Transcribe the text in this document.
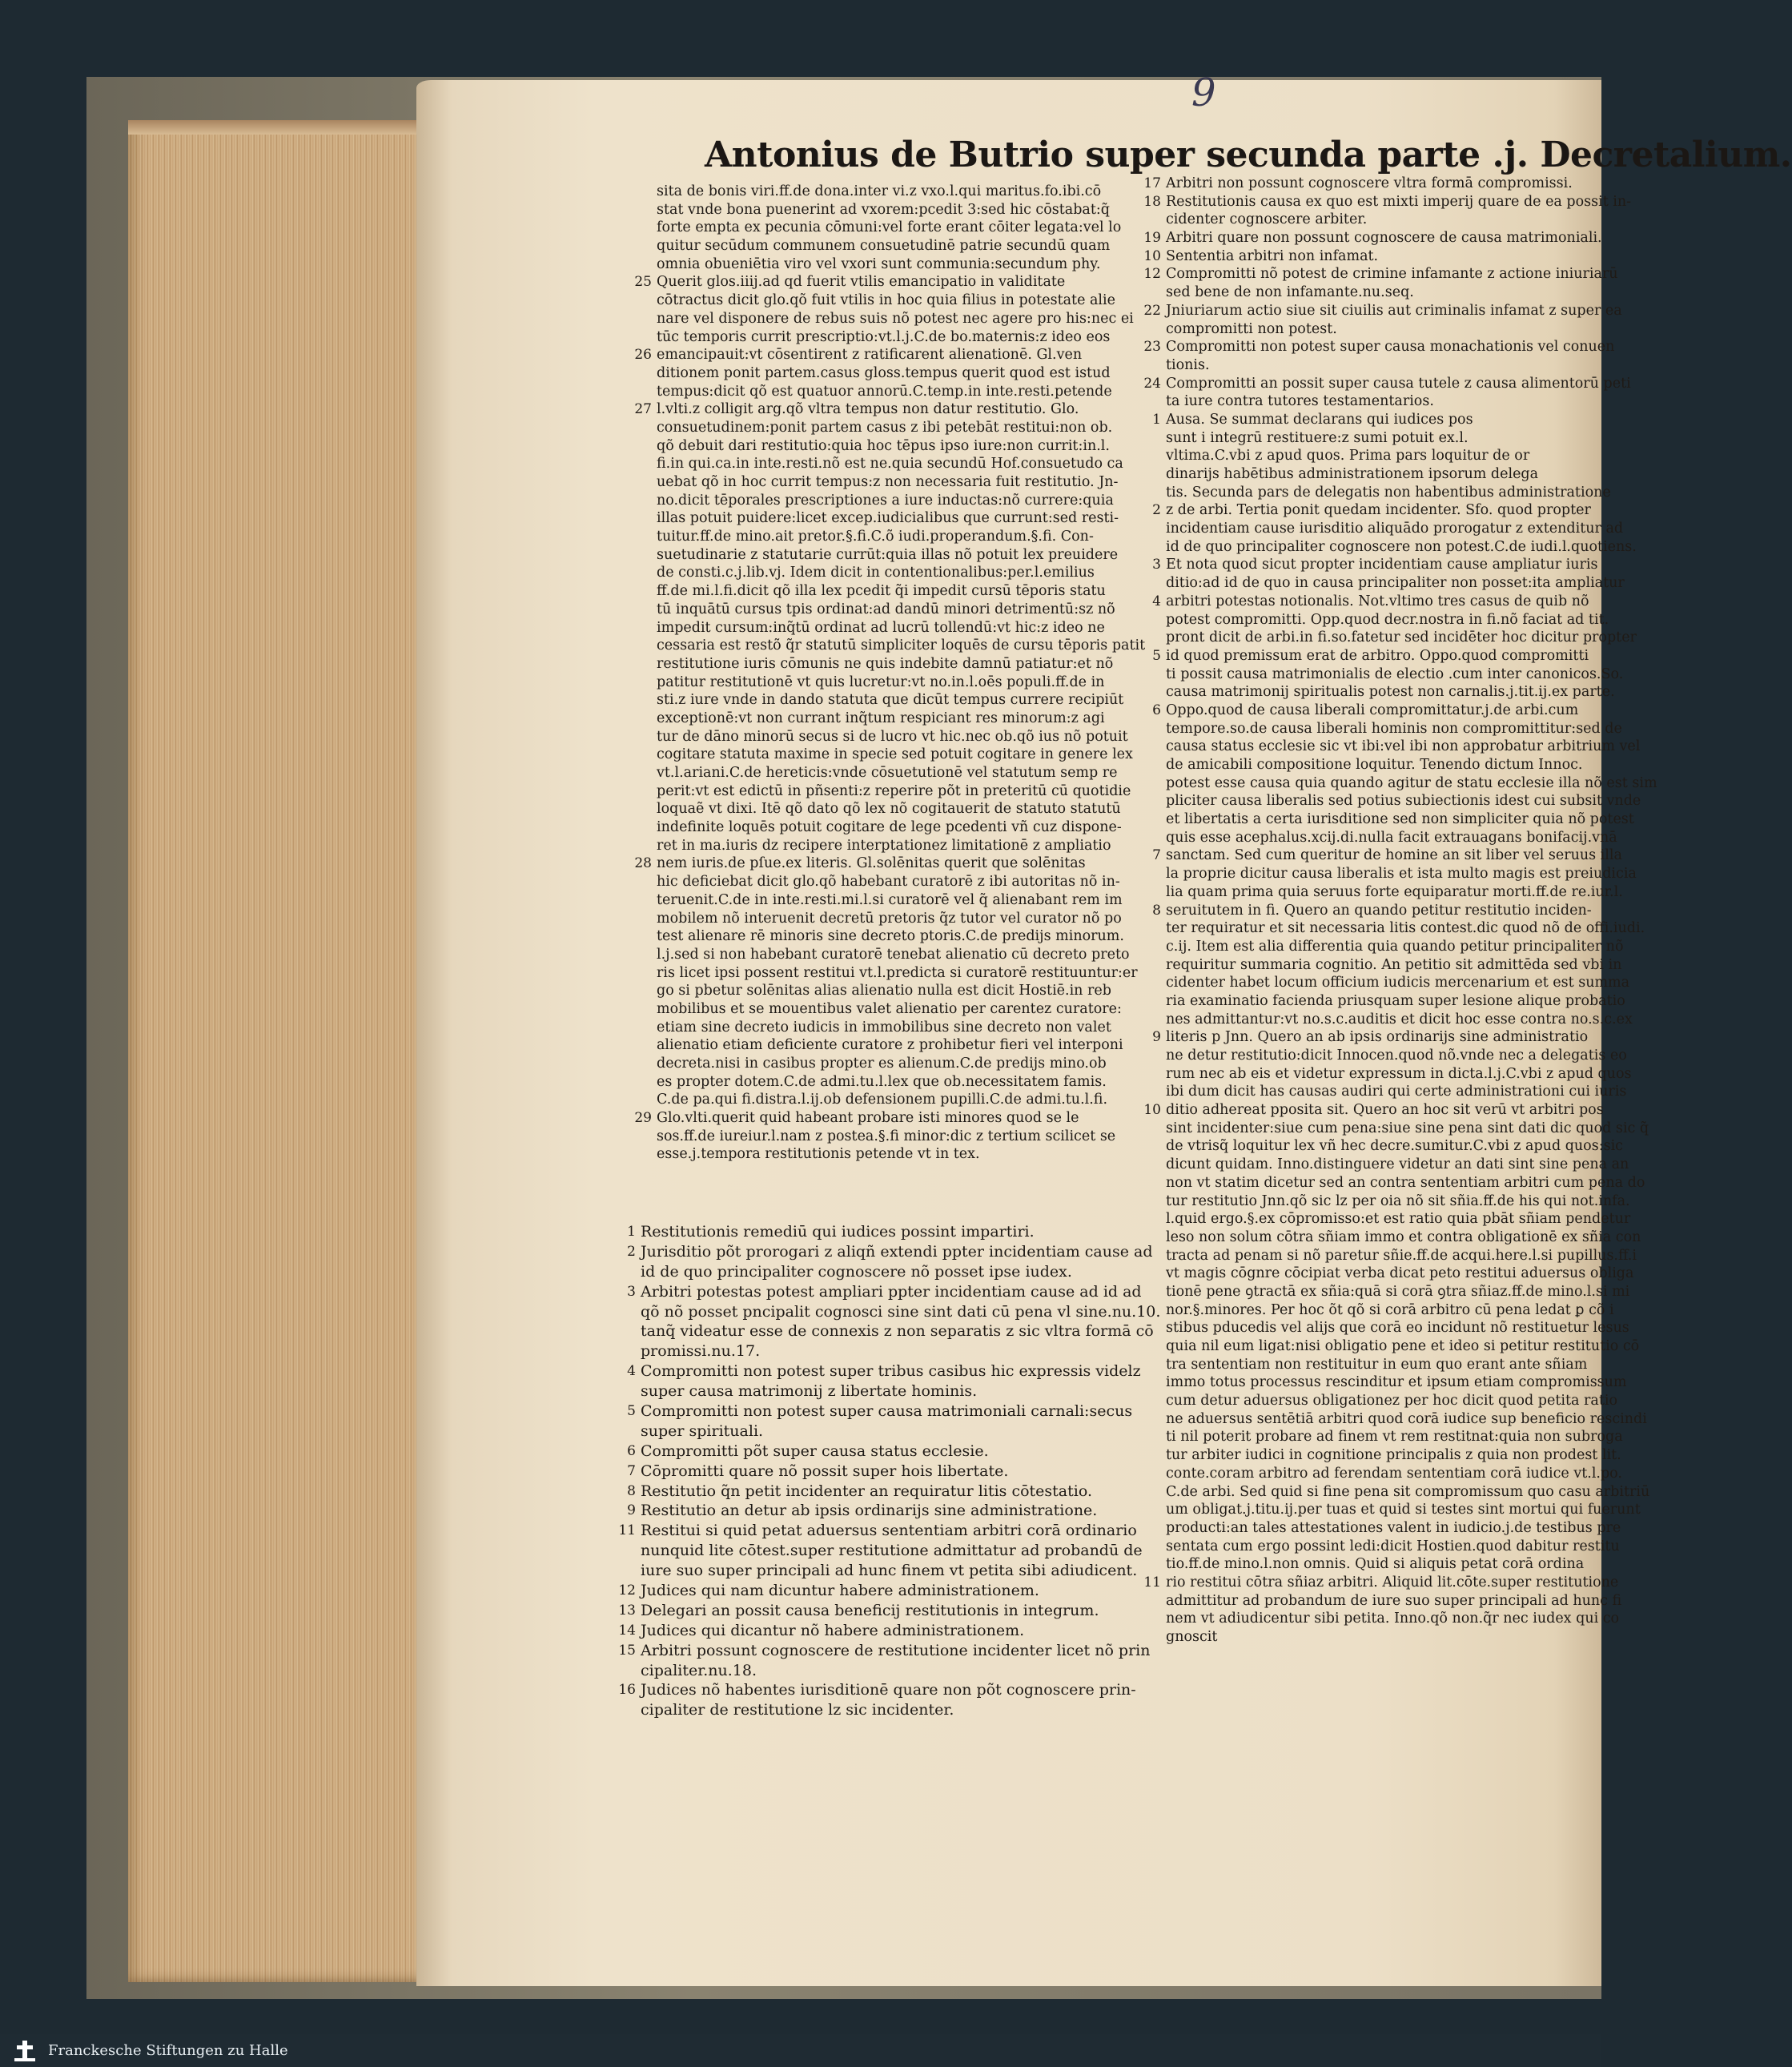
9
Antonius de Butrio super secunda parte .j. Decretalium.
sita de bonis viri.ff.de dona.inter vi.z vxo.l.qui maritus.fo.ibi.cō
stat vnde bona puenerint ad vxorem:pcedit 3:sed hic cōstabat:q̃
forte empta ex pecunia cōmuni:vel forte erant cōiter legata:vel lo
quitur secūdum communem consuetudinē patrie secundū quam
omnia obueniētia viro vel vxori sunt communia:secundum phy.
25 Querit glos.iiij.ad qd fuerit vtilis emancipatio in validitate
cōtractus dicit glo.qõ fuit vtilis in hoc quia filius in potestate alie
nare vel disponere de rebus suis nõ potest nec agere pro his:nec ei
tūc temporis currit prescriptio:vt.l.j.C.de bo.maternis:z ideo eos
26 emancipauit:vt cōsentirent z ratificarent alienationē. Gl.ven
ditionem ponit partem.casus gloss.tempus querit quod est istud
tempus:dicit qõ est quatuor annorū.C.temp.in inte.resti.petende
27 l.vlti.z colligit arg.qõ vltra tempus non datur restitutio. Glo.
consuetudinem:ponit partem casus z ibi petebāt restitui:non ob.
qõ debuit dari restitutio:quia hoc tēpus ipso iure:non currit:in.l.
fi.in qui.ca.in inte.resti.nõ est ne.quia secundū Hof.consuetudo ca
uebat qõ in hoc currit tempus:z non necessaria fuit restitutio. Jn-
no.dicit tēporales prescriptiones a iure inductas:nõ currere:quia
illas potuit puidere:licet excep.iudicialibus que currunt:sed resti-
tuitur.ff.de mino.ait pretor.§.fi.C.õ iudi.properandum.§.fi. Con-
suetudinarie z statutarie currūt:quia illas nõ potuit lex preuidere
de consti.c.j.lib.vj. Idem dicit in contentionalibus:per.l.emilius
ff.de mi.l.fi.dicit qõ illa lex pcedit q̃i impedit cursū tēporis statu
tū inquātū cursus tpis ordinat:ad dandū minori detrimentū:sz nõ
impedit cursum:inq̃tū ordinat ad lucrū tollendū:vt hic:z ideo ne
cessaria est restõ q̃r statutū simpliciter loquēs de cursu tēporis patit
restitutione iuris cōmunis ne quis indebite damnū patiatur:et nõ
patitur restitutionē vt quis lucretur:vt no.in.l.oēs populi.ff.de in
sti.z iure vnde in dando statuta que dicūt tempus currere recipiūt
exceptionē:vt non currant inq̃tum respiciant res minorum:z agi
tur de dāno minorū secus si de lucro vt hic.nec ob.qõ ius nõ potuit
cogitare statuta maxime in specie sed potuit cogitare in genere lex
vt.l.ariani.C.de hereticis:vnde cōsuetutionē vel statutum semp re
perit:vt est edictū in pñsenti:z reperire põt in preteritū cū quotidie
loquaẽ vt dixi. Itē qõ dato qõ lex nõ cogitauerit de statuto statutū
indefinite loquēs potuit cogitare de lege pcedenti vñ cuz dispone-
ret in ma.iuris dz recipere interptationez limitationē z ampliatio
28 nem iuris.de pſue.ex literis. Gl.solēnitas querit que solēnitas
hic deficiebat dicit glo.qõ habebant curatorē z ibi autoritas nõ in-
teruenit.C.de in inte.resti.mi.l.si curatorē vel q̃ alienabant rem im
mobilem nõ interuenit decretū pretoris q̃z tutor vel curator nõ po
test alienare rē minoris sine decreto ptoris.C.de predijs minorum.
l.j.sed si non habebant curatorē tenebat alienatio cū decreto preto
ris licet ipsi possent restitui vt.l.predicta si curatorē restituuntur:er
go si pbetur solēnitas alias alienatio nulla est dicit Hostiē.in reb
mobilibus et se mouentibus valet alienatio per carentez curatore:
etiam sine decreto iudicis in immobilibus sine decreto non valet
alienatio etiam deficiente curatore z prohibetur fieri vel interponi
decreta.nisi in casibus propter es alienum.C.de predijs mino.ob
es propter dotem.C.de admi.tu.l.lex que ob.necessitatem famis.
C.de pa.qui fi.distra.l.ij.ob defensionem pupilli.C.de admi.tu.l.fi.
29 Glo.vlti.querit quid habeant probare isti minores quod se le
sos.ff.de iureiur.l.nam z postea.§.fi minor:dic z tertium scilicet se
esse.j.tempora restitutionis petende vt in tex.
1 Restitutionis remediū qui iudices possint impartiri.
2 Jurisditio põt prorogari z aliqñ extendi ppter incidentiam cause ad
id de quo principaliter cognoscere nõ posset ipse iudex.
3 Arbitri potestas potest ampliari ppter incidentiam cause ad id ad
qõ nõ posset pncipalit cognosci sine sint dati cū pena vl sine.nu.10.
tanq̃ videatur esse de connexis z non separatis z sic vltra formā cō
promissi.nu.17.
4 Compromitti non potest super tribus casibus hic expressis videlz
super causa matrimonij z libertate hominis.
5 Compromitti non potest super causa matrimoniali carnali:secus
super spirituali.
6 Compromitti põt super causa status ecclesie.
7 Cōpromitti quare nõ possit super hois libertate.
8 Restitutio q̃n petit incidenter an requiratur litis cōtestatio.
9 Restitutio an detur ab ipsis ordinarijs sine administratione.
11 Restitui si quid petat aduersus sententiam arbitri corā ordinario
nunquid lite cōtest.super restitutione admittatur ad probandū de
iure suo super principali ad hunc finem vt petita sibi adiudicent.
12 Judices qui nam dicuntur habere administrationem.
13 Delegari an possit causa beneficij restitutionis in integrum.
14 Judices qui dicantur nõ habere administrationem.
15 Arbitri possunt cognoscere de restitutione incidenter licet nõ prin
cipaliter.nu.18.
16 Judices nõ habentes iurisditionē quare non põt cognoscere prin-
cipaliter de restitutione lz sic incidenter.
17 Arbitri non possunt cognoscere vltra formā compromissi.
18 Restitutionis causa ex quo est mixti imperij quare de ea possit in-
cidenter cognoscere arbiter.
19 Arbitri quare non possunt cognoscere de causa matrimoniali.
10 Sententia arbitri non infamat.
12 Compromitti nõ potest de crimine infamante z actione iniuriarū
sed bene de non infamante.nu.seq.
22 Jniuriarum actio siue sit ciuilis aut criminalis infamat z super ea
compromitti non potest.
23 Compromitti non potest super causa monachationis vel conuen
tionis.
24 Compromitti an possit super causa tutele z causa alimentorū peti
ta iure contra tutores testamentarios.
1 Ausa. Se summat declarans qui iudices pos
sunt i integrū restituere:z sumi potuit ex.l.
vltima.C.vbi z apud quos. Prima pars loquitur de or
dinarijs habētibus administrationem ipsorum delega
tis. Secunda pars de delegatis non habentibus administratione
2 z de arbi. Tertia ponit quedam incidenter. Sfo. quod propter
incidentiam cause iurisditio aliquādo prorogatur z extenditur ad
id de quo principaliter cognoscere non potest.C.de iudi.l.quotiens.
3 Et nota quod sicut propter incidentiam cause ampliatur iuris
ditio:ad id de quo in causa principaliter non posset:ita ampliatur
4 arbitri potestas notionalis. Not.vltimo tres casus de quib nõ
potest compromitti. Opp.quod decr.nostra in fi.nõ faciat ad tit.
pront dicit de arbi.in fi.so.fatetur sed incidēter hoc dicitur propter
5 id quod premissum erat de arbitro. Oppo.quod compromitti
ti possit causa matrimonialis de electio .cum inter canonicos.So.
causa matrimonij spiritualis potest non carnalis.j.tit.ij.ex parte.
6 Oppo.quod de causa liberali compromittatur.j.de arbi.cum
tempore.so.de causa liberali hominis non compromittitur:sed de
causa status ecclesie sic vt ibi:vel ibi non approbatur arbitrium vel
de amicabili compositione loquitur. Tenendo dictum Innoc.
potest esse causa quia quando agitur de statu ecclesie illa nõ est sim
pliciter causa liberalis sed potius subiectionis idest cui subsit vnde
et libertatis a certa iurisditione sed non simpliciter quia nõ potest
quis esse acephalus.xcij.di.nulla facit extrauagans bonifacij.vnā
7 sanctam. Sed cum queritur de homine an sit liber vel seruus illa
la proprie dicitur causa liberalis et ista multo magis est preiudicia
lia quam prima quia seruus forte equiparatur morti.ff.de re.iur.l.
8 seruitutem in fi. Quero an quando petitur restitutio inciden-
ter requiratur et sit necessaria litis contest.dic quod nõ de offi.iudi.
c.ij. Item est alia differentia quia quando petitur principaliter nõ
requiritur summaria cognitio. An petitio sit admittēda sed vbi in
cidenter habet locum officium iudicis mercenarium et est summa
ria examinatio facienda priusquam super lesione alique probatio
nes admittantur:vt no.s.c.auditis et dicit hoc esse contra no.s.c.ex
9 literis p Jnn. Quero an ab ipsis ordinarijs sine administratio
ne detur restitutio:dicit Innocen.quod nõ.vnde nec a delegatis eo
rum nec ab eis et videtur expressum in dicta.l.j.C.vbi z apud quos
ibi dum dicit has causas audiri qui certe administrationi cui iuris
10 ditio adhereat pposita sit. Quero an hoc sit verū vt arbitri pos
sint incidenter:siue cum pena:siue sine pena sint dati dic quod sic q̃
de vtrisq̃ loquitur lex vñ hec decre.sumitur.C.vbi z apud quos:sic
dicunt quidam. Inno.distinguere videtur an dati sint sine pena an
non vt statim dicetur sed an contra sententiam arbitri cum pena do
tur restitutio Jnn.qõ sic lz per oia nõ sit sñia.ff.de his qui not.infa.
l.quid ergo.§.ex cōpromisso:et est ratio quia pbāt sñiam pendetur
leso non solum cōtra sñiam immo et contra obligationē ex sñia con
tracta ad penam si nõ paretur sñie.ff.de acqui.here.l.si pupillus.ff.i
vt magis cōgnre cōcipiat verba dicat peto restitui aduersus obliga
tionē pene ꝯtractā ex sñia:quā si corā ꝯtra sñiaz.ff.de mino.l.si mi
nor.§.minores. Per hoc õt qõ si corā arbitro cū pena ledat ꝑ cõ i
stibus pducedis vel alijs que corā eo incidunt nõ restituetur lesus
quia nil eum ligat:nisi obligatio pene et ideo si petitur restitutio cō
tra sententiam non restituitur in eum quo erant ante sñiam
immo totus processus rescinditur et ipsum etiam compromissum
cum detur aduersus obligationez per hoc dicit quod petita ratio
ne aduersus sentētiā arbitri quod corā iudice sup beneficio rescindi
ti nil poterit probare ad finem vt rem restitnat:quia non subroga
tur arbiter iudici in cognitione principalis z quia non prodest lit.
conte.coram arbitro ad ferendam sententiam corā iudice vt.l.po.
C.de arbi. Sed quid si fine pena sit compromissum quo casu arbitriū
um obligat.j.titu.ij.per tuas et quid si testes sint mortui qui fuerunt
producti:an tales attestationes valent in iudicio.j.de testibus pre
sentata cum ergo possint ledi:dicit Hostien.quod dabitur restitu
tio.ff.de mino.l.non omnis. Quid si aliquis petat corā ordina
11 rio restitui cōtra sñiaz arbitri. Aliquid lit.cōte.super restitutione
admittitur ad probandum de iure suo super principali ad hunc fi
nem vt adiudicentur sibi petita. Inno.qõ non.q̃r nec iudex qui co
gnoscit
Franckesche Stiftungen zu Halle
